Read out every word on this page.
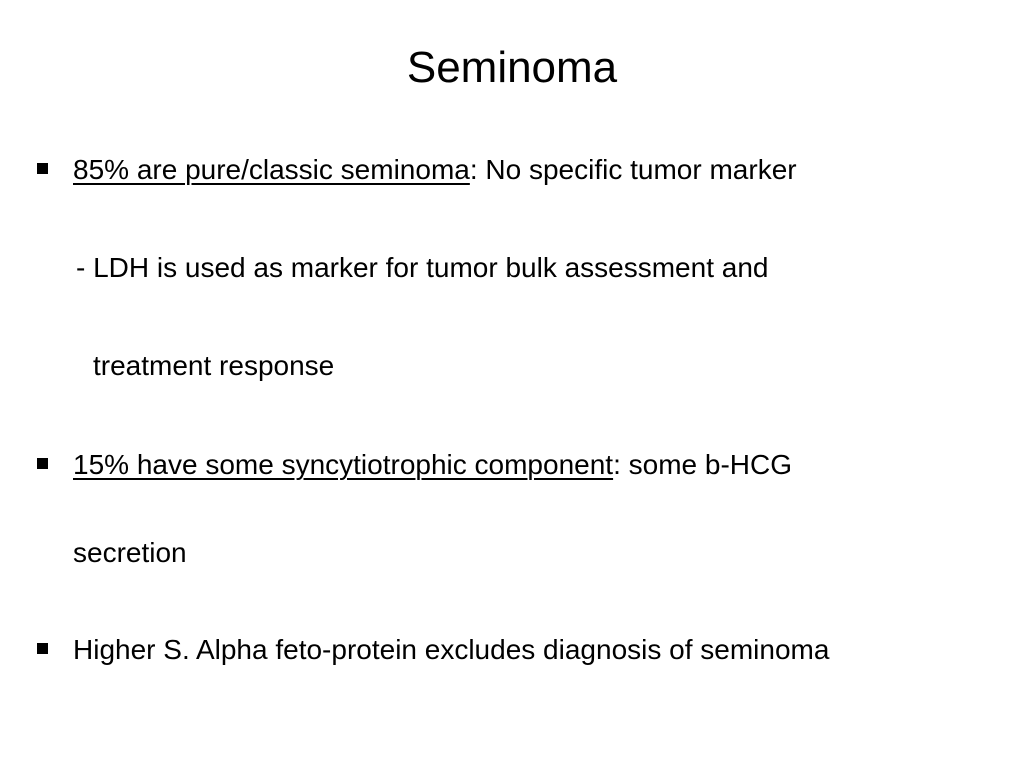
Seminoma
85% are pure/classic seminoma: No specific tumor marker
- LDH is used as marker for tumor bulk assessment and
treatment response
15% have some syncytiotrophic component: some b-HCG
secretion
Higher S. Alpha feto-protein excludes diagnosis of seminoma
